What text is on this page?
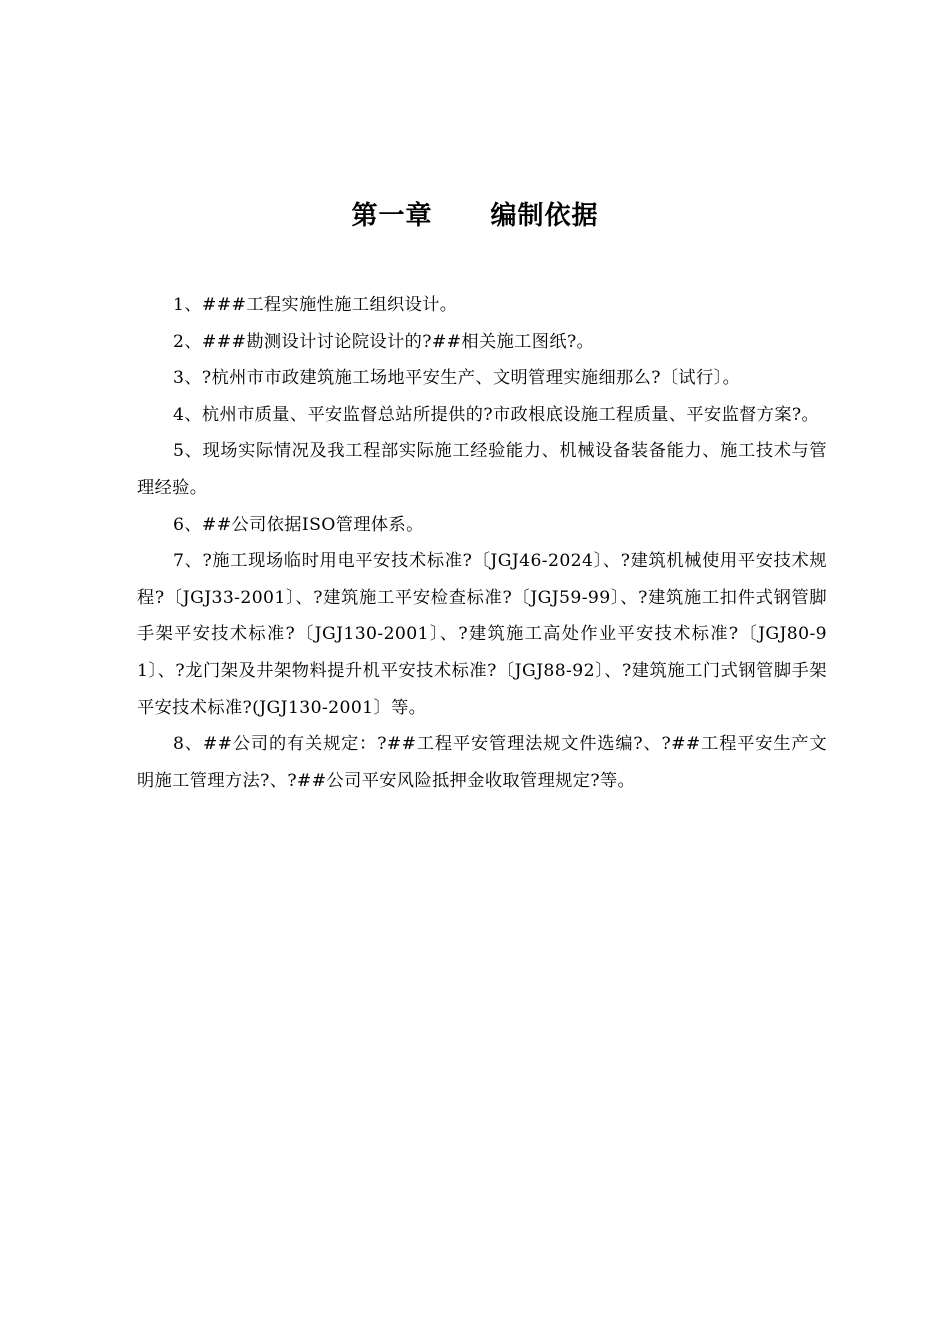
第一章 编制依据

1、###工程实施性施工组织设计。

2、###勘测设计讨论院设计的?##相关施工图纸?。

3、?杭州市市政建筑施工场地平安生产、文明管理实施细那么?〔试行〕。

4、杭州市质量、平安监督总站所提供的?市政根底设施工程质量、平安监督方案?。

5、现场实际情况及我工程部实际施工经验能力、机械设备装备能力、施工技术与管理经验。

6、##公司依据ISO管理体系。

7、?施工现场临时用电平安技术标准?〔JGJ46-2024〕、?建筑机械使用平安技术规程?〔JGJ33-2001〕、?建筑施工平安检查标准?〔JGJ59-99〕、?建筑施工扣件式钢管脚手架平安技术标准?〔JGJ130-2001〕、?建筑施工高处作业平安技术标准?〔JGJ80-91〕、?龙门架及井架物料提升机平安技术标准?〔JGJ88-92〕、?建筑施工门式钢管脚手架平安技术标准?(JGJ130-2001〕等。

8、##公司的有关规定：?##工程平安管理法规文件选编?、?##工程平安生产文明施工管理方法?、?##公司平安风险抵押金收取管理规定?等。
